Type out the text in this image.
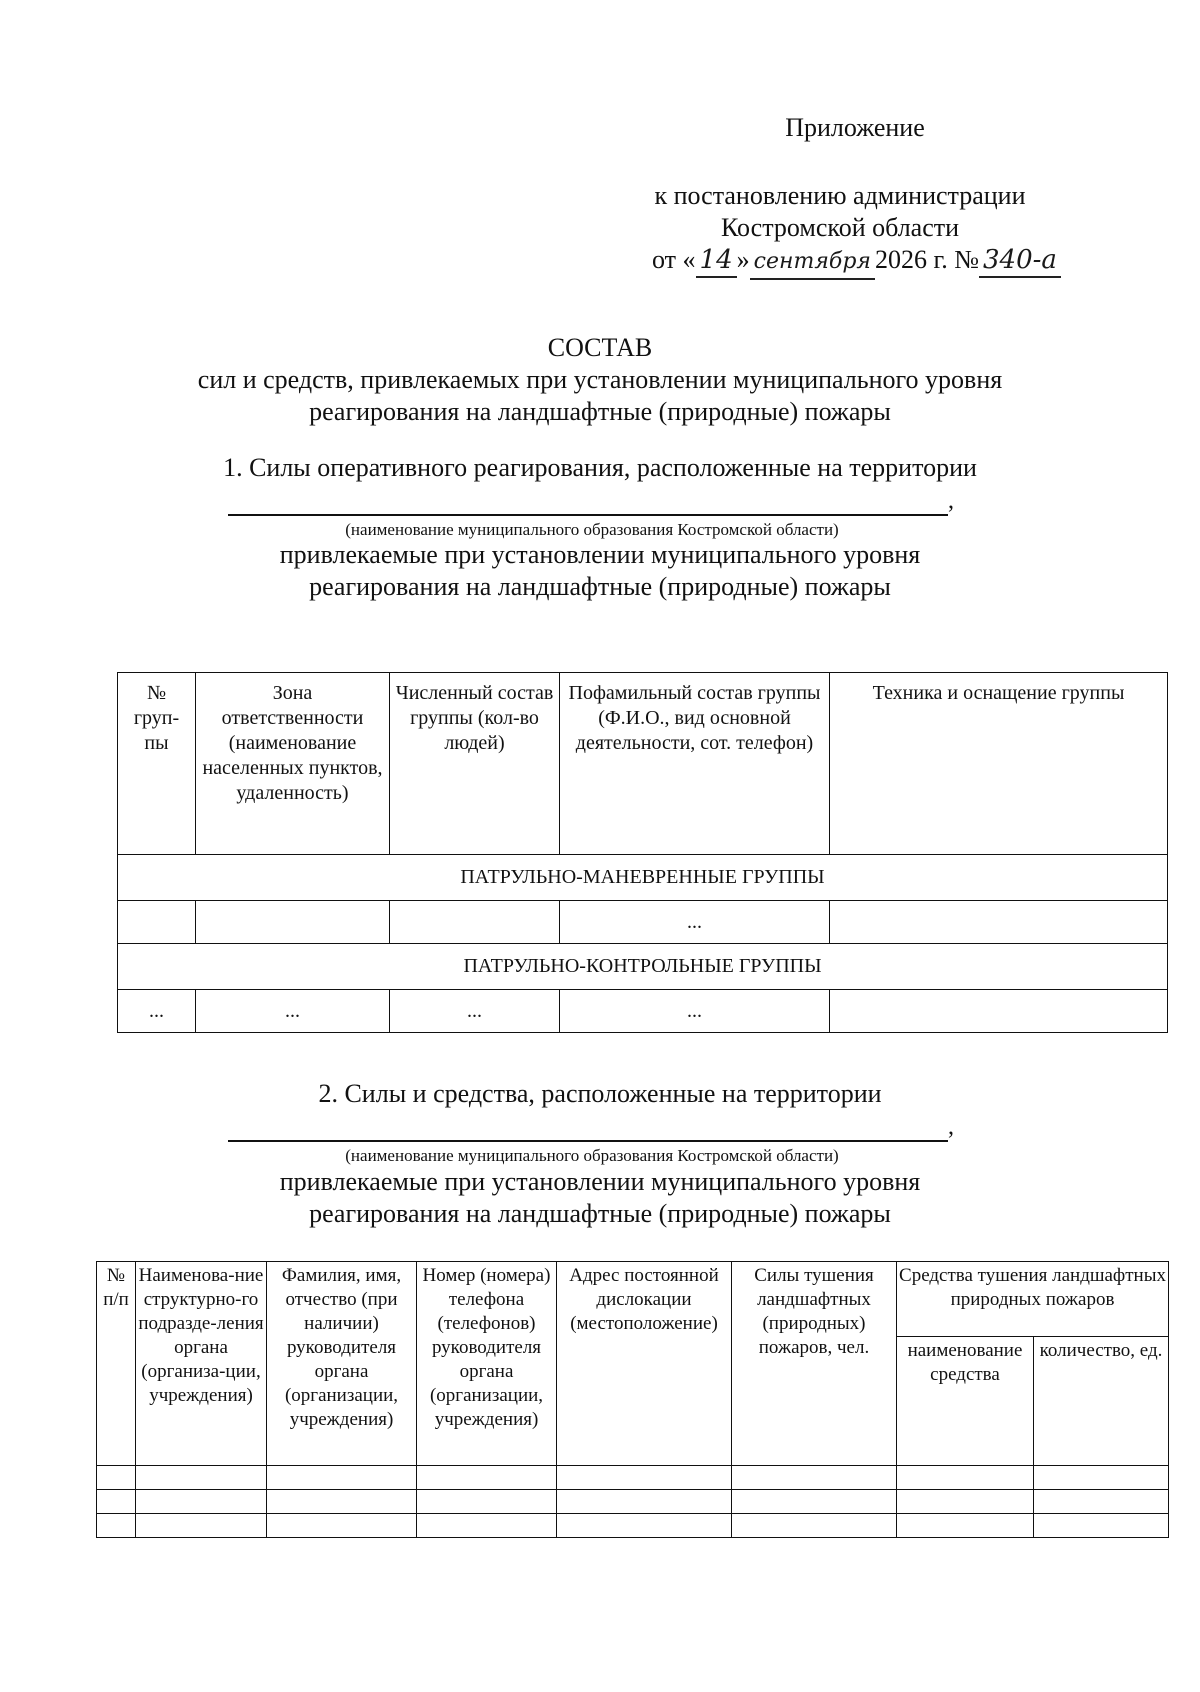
Приложение
к постановлению администрации
Костромской области
от « 14 » сентября 2026 г. № 340-а
СОСТАВ
сил и средств, привлекаемых при установлении муниципального уровня
реагирования на ландшафтные (природные) пожары
1. Силы оперативного реагирования, расположенные на территории
,
(наименование муниципального образования Костромской области)
привлекаемые при установлении муниципального уровня
реагирования на ландшафтные (природные) пожары
№ груп-пы	Зона ответственности (наименование населенных пунктов, удаленность)	Численный состав группы (кол-во людей)	Пофамильный состав группы (Ф.И.О., вид основной деятельности, сот. телефон)	Техника и оснащение группы
ПАТРУЛЬНО-МАНЕВРЕННЫЕ ГРУППЫ				
			...	
ПАТРУЛЬНО-КОНТРОЛЬНЫЕ ГРУППЫ				
...	...	...	...	
2. Силы и средства, расположенные на территории
,
(наименование муниципального образования Костромской области)
привлекаемые при установлении муниципального уровня
реагирования на ландшафтные (природные) пожары
№ п/п	Наименова-ние структурно-го подразде-ления органа (организа-ции, учреждения)	Фамилия, имя, отчество (при наличии) руководителя органа (организации, учреждения)	Номер (номера) телефона (телефонов) руководителя органа (организации, учреждения)	Адрес постоянной дислокации (местоположение)	Силы тушения ландшафтных (природных) пожаров, чел.	Средства тушения ландшафтных природных пожаров	
						наименование средства	количество, ед.
